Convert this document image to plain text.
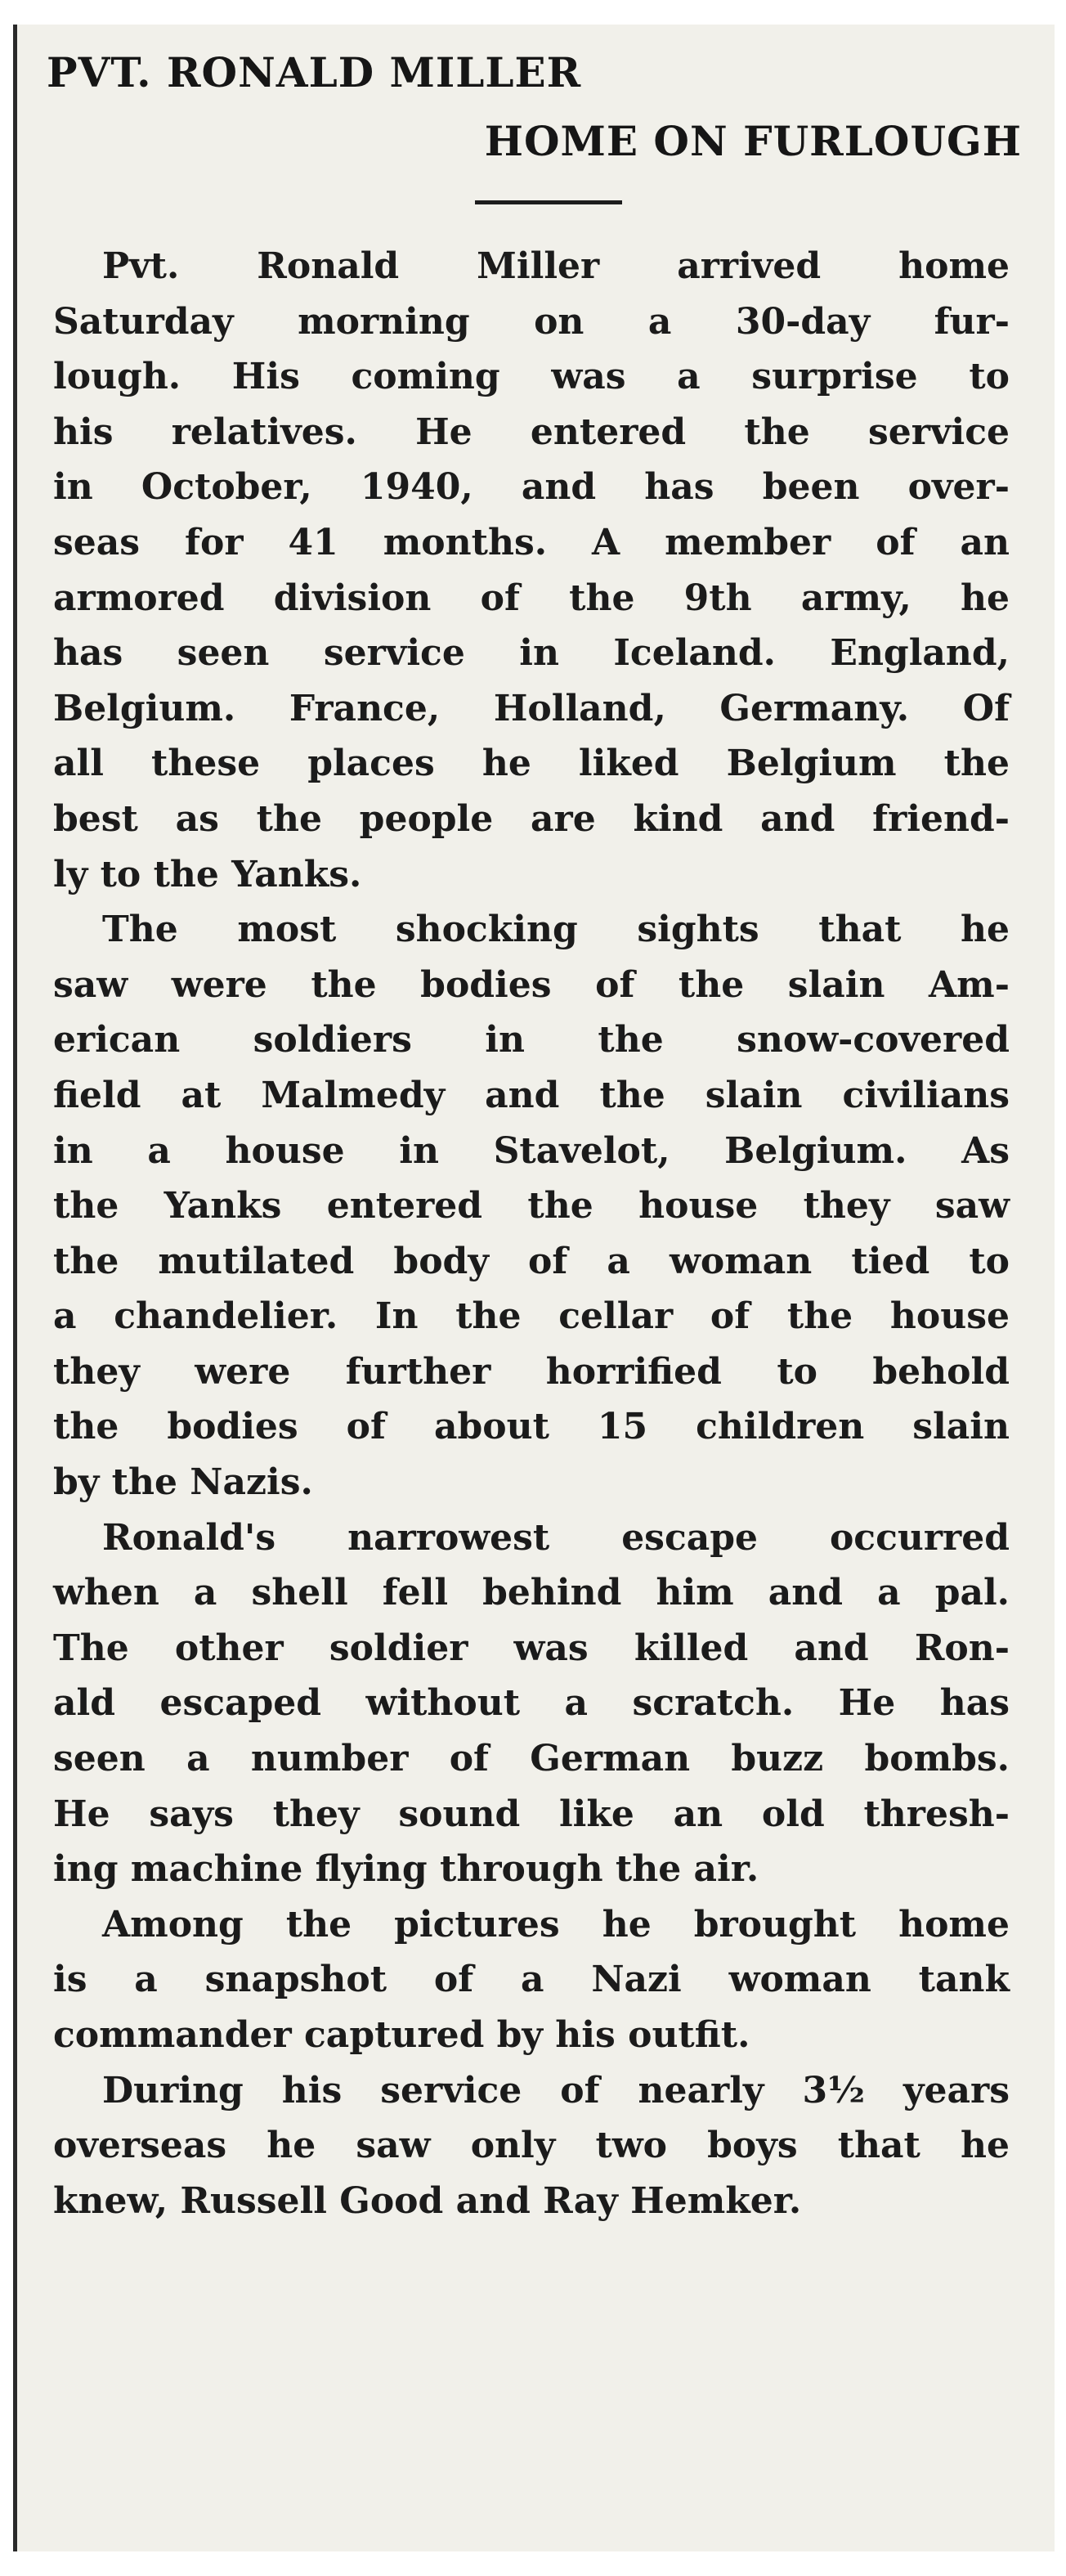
PVT. RONALD MILLER
HOME ON FURLOUGH

Pvt. Ronald Miller arrived home

Saturday morning on a 30-day fur-

lough. His coming was a surprise to

his relatives. He entered the service

in October, 1940, and has been over-

seas for 41 months. A member of an

armored division of the 9th army, he

has seen service in Iceland. England,

Belgium. France, Holland, Germany. Of

all these places he liked Belgium the

best as the people are kind and friend-

ly to the Yanks.

The most shocking sights that he

saw were the bodies of the slain Am-

erican soldiers in the snow-covered

field at Malmedy and the slain civilians

in a house in Stavelot, Belgium. As

the Yanks entered the house they saw

the mutilated body of a woman tied to

a chandelier. In the cellar of the house

they were further horrified to behold

the bodies of about 15 children slain

by the Nazis.

Ronald's narrowest escape occurred

when a shell fell behind him and a pal.

The other soldier was killed and Ron-

ald escaped without a scratch. He has

seen a number of German buzz bombs.

He says they sound like an old thresh-

ing machine flying through the air.

Among the pictures he brought home

is a snapshot of a Nazi woman tank

commander captured by his outfit.

During his service of nearly 3½ years

overseas he saw only two boys that he

knew, Russell Good and Ray Hemker.
